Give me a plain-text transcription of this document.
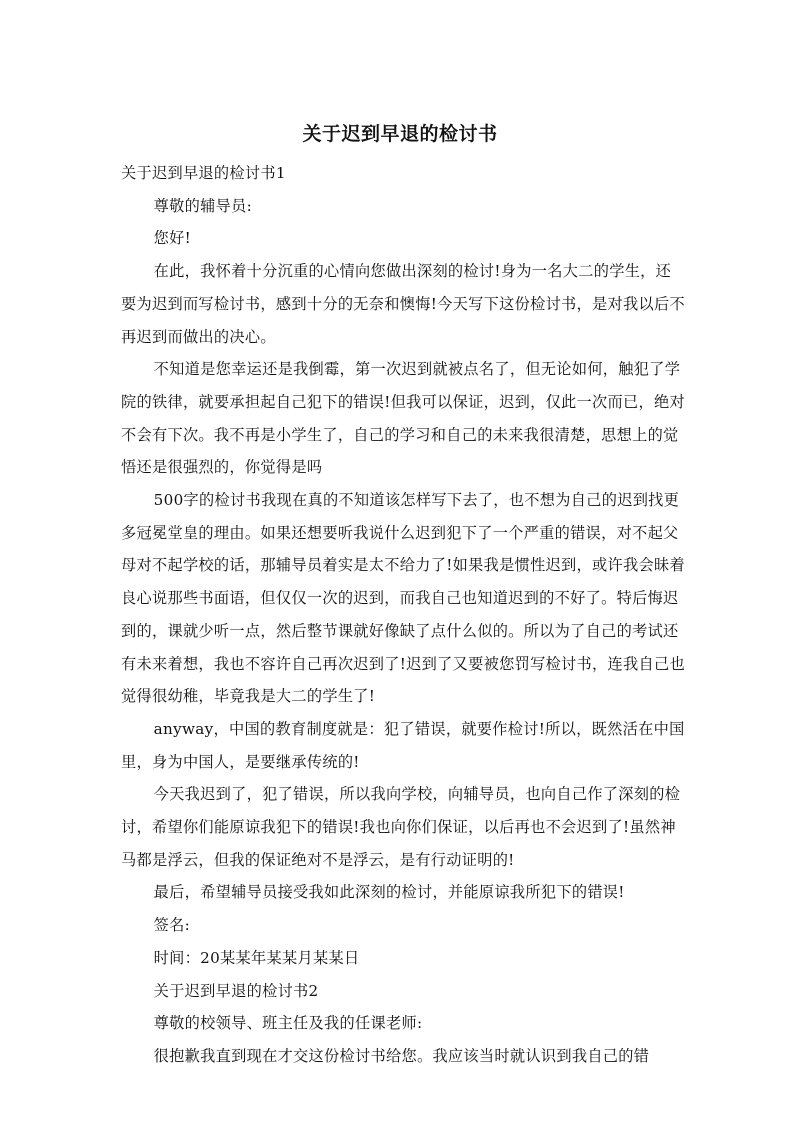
关于迟到早退的检讨书

关于迟到早退的检讨书1

尊敬的辅导员:

您好!

在此，我怀着十分沉重的心情向您做出深刻的检讨!身为一名大二的学生，还要为迟到而写检讨书，感到十分的无奈和懊悔!今天写下这份检讨书，是对我以后不再迟到而做出的决心。

不知道是您幸运还是我倒霉，第一次迟到就被点名了，但无论如何，触犯了学院的铁律，就要承担起自己犯下的错误!但我可以保证，迟到，仅此一次而已，绝对不会有下次。我不再是小学生了，自己的学习和自己的未来我很清楚，思想上的觉悟还是很强烈的，你觉得是吗

500字的检讨书我现在真的不知道该怎样写下去了，也不想为自己的迟到找更多冠冕堂皇的理由。如果还想要听我说什么迟到犯下了一个严重的错误，对不起父母对不起学校的话，那辅导员着实是太不给力了!如果我是惯性迟到，或许我会昧着良心说那些书面语，但仅仅一次的迟到，而我自己也知道迟到的不好了。特后悔迟到的，课就少听一点，然后整节课就好像缺了点什么似的。所以为了自己的考试还有未来着想，我也不容许自己再次迟到了!迟到了又要被您罚写检讨书，连我自己也觉得很幼稚，毕竟我是大二的学生了!

anyway，中国的教育制度就是：犯了错误，就要作检讨!所以，既然活在中国里，身为中国人，是要继承传统的!

今天我迟到了，犯了错误，所以我向学校，向辅导员，也向自己作了深刻的检讨，希望你们能原谅我犯下的错误!我也向你们保证，以后再也不会迟到了!虽然神马都是浮云，但我的保证绝对不是浮云，是有行动证明的!

最后，希望辅导员接受我如此深刻的检讨，并能原谅我所犯下的错误!

签名:

时间：20某某年某某月某某日

关于迟到早退的检讨书2

尊敬的校领导、班主任及我的任课老师:

很抱歉我直到现在才交这份检讨书给您。我应该当时就认识到我自己的错
